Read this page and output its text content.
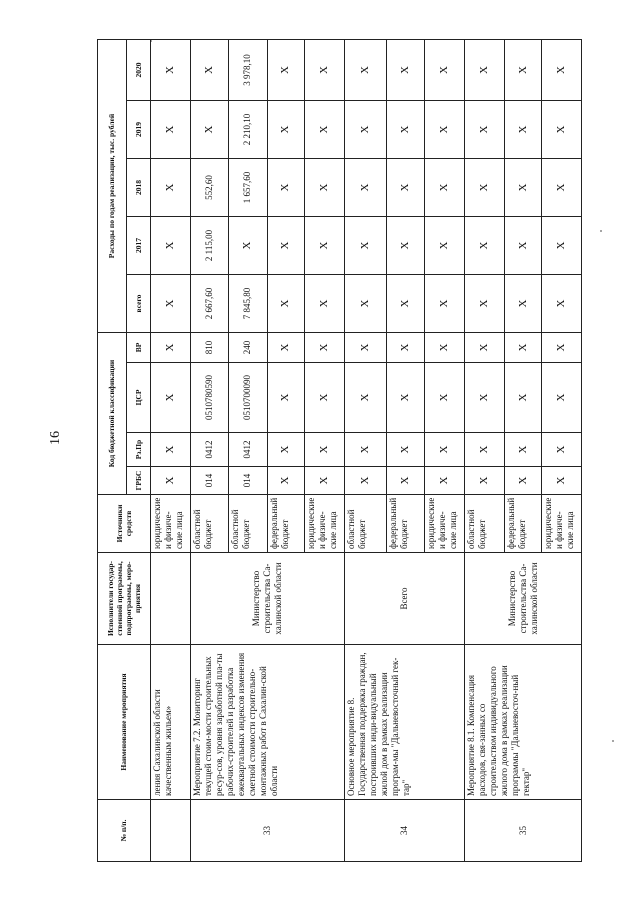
16
№ п/п.	Наименование мероприятия	Исполнители государ-ственной программы, подпрограммы, меро-приятия	Источники средств	Код бюджетной классификации				Расходы по годам реализации, тыс. рублей				
				ГРБС	Рз.Пр	ЦСР	ВР	всего	2017	2018	2019	2020
	ления Сахалинской области качественным жильем»		юридические и физиче-ские лица	Х	Х	Х	Х	Х	Х	Х	Х	Х
33	Мероприятие 7.2. Мониторинг текущей стоим-мости строительных ресур-сов, уровня заработной пла-ты рабочих-строителей и разработка ежеквартальных индексов изменения сметной стоимости строительно-монтажных работ в Сахалин-ской области	Министерство строительства Са-халинской области	областной бюджет	014	0412	0510780590	810	2 667,60	2 115,00	552,60	Х	Х
			областной бюджет	014	0412	0510700090	240	7 845,80	Х	1 657,60	2 210,10	3 978,10
			федеральный бюджет	Х	Х	Х	Х	Х	Х	Х	Х	Х
			юридические и физиче-ские лица	Х	Х	Х	Х	Х	Х	Х	Х	Х
34	Основное мероприятие 8. Государственная поддержка граждан, построивших инди-видуальный жилой дом в рамках реализации програм-мы "Дальневосточный гек-тар"	Всего	областной бюджет	Х	Х	Х	Х	Х	Х	Х	Х	Х
			федеральный бюджет	Х	Х	Х	Х	Х	Х	Х	Х	Х
			юридические и физиче-ские лица	Х	Х	Х	Х	Х	Х	Х	Х	Х
35	Мероприятие 8.1. Компенсация расходов, свя-занных со строительством индивидуального жилого дома в рамках реализации программы "Дальневосточ-ный гектар"	Министерство строительства Са-халинской области	областной бюджет	Х	Х	Х	Х	Х	Х	Х	Х	Х
			федеральный бюджет	Х	Х	Х	Х	Х	Х	Х	Х	Х
			юридические и физиче-ские лица	Х	Х	Х	Х	Х	Х	Х	Х	Х
